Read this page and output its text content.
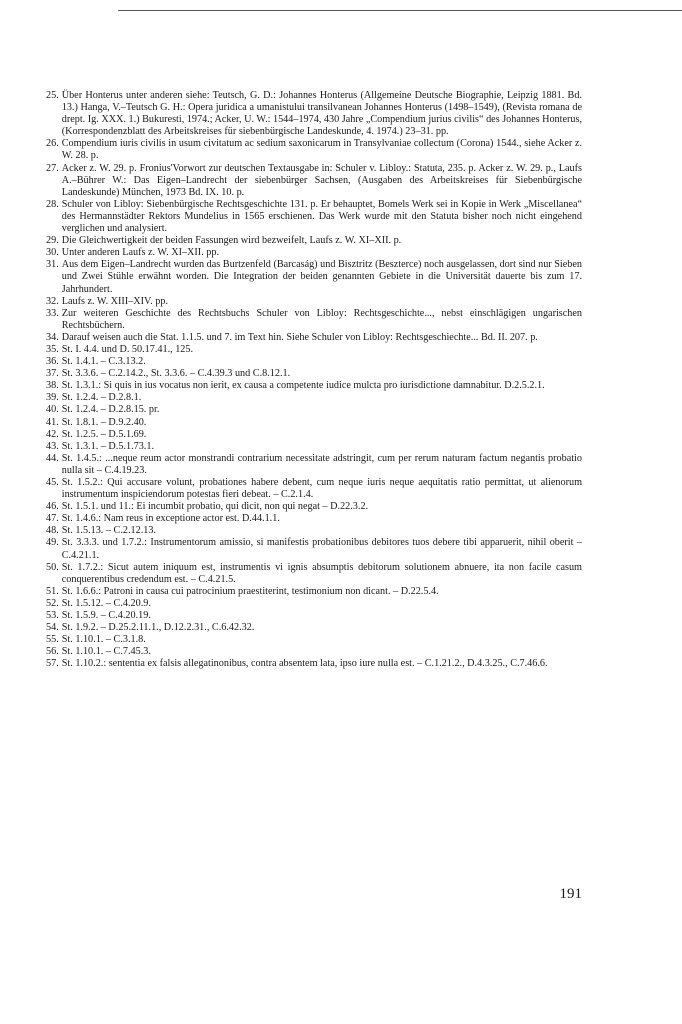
25. Über Honterus unter anderen siehe: Teutsch, G. D.: Johannes Honterus (Allgemeine Deutsche Biographie, Leipzig 1881. Bd. 13.) Hanga, V.–Teutsch G. H.: Opera juridica a umanistului transilvanean Johannes Honterus (1498–1549), (Revista romana de drept. Ig. XXX. 1.) Bukuresti, 1974.; Acker, U. W.: 1544–1974, 430 Jahre „Compendium jurius civilis“ des Johannes Honterus, (Korrespondenzblatt des Arbeitskreises für siebenbürgische Landeskunde, 4. 1974.) 23–31. pp.
26. Compendium iuris civilis in usum civitatum ac sedium saxonicarum in Transylvaniae collectum (Corona) 1544., siehe Acker z. W. 28. p.
27. Acker z. W. 29. p. Fronius'Vorwort zur deutschen Textausgabe in: Schuler v. Libloy.: Statuta, 235. p. Acker z. W. 29. p., Laufs A.–Bührer W.: Das Eigen–Landrecht der siebenbürger Sachsen, (Ausgaben des Arbeitskreises für Siebenbürgische Landeskunde) München, 1973 Bd. IX. 10. p.
28. Schuler von Libloy: Siebenbürgische Rechtsgeschichte 131. p. Er behauptet, Bomels Werk sei in Kopie in Werk „Miscellanea“ des Hermannstädter Rektors Mundelius in 1565 erschienen. Das Werk wurde mit den Statuta bisher noch nicht eingehend verglichen und analysiert.
29. Die Gleichwertigkeit der beiden Fassungen wird bezweifelt, Laufs z. W. XI–XII. p.
30. Unter anderen Laufs z. W. XI–XII. pp.
31. Aus dem Eigen–Landrecht wurden das Burtzenfeld (Barcaság) und Bisztritz (Beszterce) noch ausgelassen, dort sind nur Sieben und Zwei Stühle erwähnt worden. Die Integration der beiden genannten Gebiete in die Universität dauerte bis zum 17. Jahrhundert.
32. Laufs z. W. XIII–XIV. pp.
33. Zur weiteren Geschichte des Rechtsbuchs Schuler von Libloy: Rechtsgeschichte..., nebst einschlägigen ungarischen Rechtsbüchern.
34. Darauf weisen auch die Stat. 1.1.5. und 7. im Text hin. Siehe Schuler von Libloy: Rechtsgeschiechte... Bd. II. 207. p.
35. St. I. 4.4. und D. 50.17.41., 125.
36. St. 1.4.1. – C.3.13.2.
37. St. 3.3.6. – C.2.14.2., St. 3.3.6. – C.4.39.3 und C.8.12.1.
38. St. 1.3.1.: Si quis in ius vocatus non ierit, ex causa a competente iudice mulcta pro iurisdictione damnabitur. D.2.5.2.1.
39. St. 1.2.4. – D.2.8.1.
40. St. 1.2.4. – D.2.8.15. pr.
41. St. 1.8.1. – D.9.2.40.
42. St. 1.2.5. – D.5.1.69.
43. St. 1.3.1. – D.5.1.73.1.
44. St. 1.4.5.: ...neque reum actor monstrandi contrarium necessitate adstringit, cum per rerum naturam factum negantis probatio nulla sit – C.4.19.23.
45. St. 1.5.2.: Qui accusare volunt, probationes habere debent, cum neque iuris neque aequitatis ratio permittat, ut alienorum instrumentum inspiciendorum potestas fieri debeat. – C.2.1.4.
46. St. 1.5.1. und 11.: Ei incumbit probatio, qui dicit, non qui negat – D.22.3.2.
47. St. 1.4.6.: Nam reus in exceptione actor est. D.44.1.1.
48. St. 1.5.13. – C.2.12.13.
49. St. 3.3.3. und 1.7.2.: Instrumentorum amissio, si manifestis probationibus debitores tuos debere tibi apparuerit, nihil oberit – C.4.21.1.
50. St. 1.7.2.: Sicut autem iniquum est, instrumentis vi ignis absumptis debitorum solutionem abnuere, ita non facile casum conquerentibus credendum est. – C.4.21.5.
51. St. 1.6.6.: Patroni in causa cui patrocinium praestiterint, testimonium non dicant. – D.22.5.4.
52. St. 1.5.12. – C.4.20.9.
53. St. 1.5.9. – C.4.20.19.
54. St. 1.9.2. – D.25.2.11.1., D.12.2.31., C.6.42.32.
55. St. 1.10.1. – C.3.1.8.
56. St. 1.10.1. – C.7.45.3.
57. St. 1.10.2.: sententia ex falsis allegatinonibus, contra absentem lata, ipso iure nulla est. – C.1.21.2., D.4.3.25., C.7.46.6.
191
